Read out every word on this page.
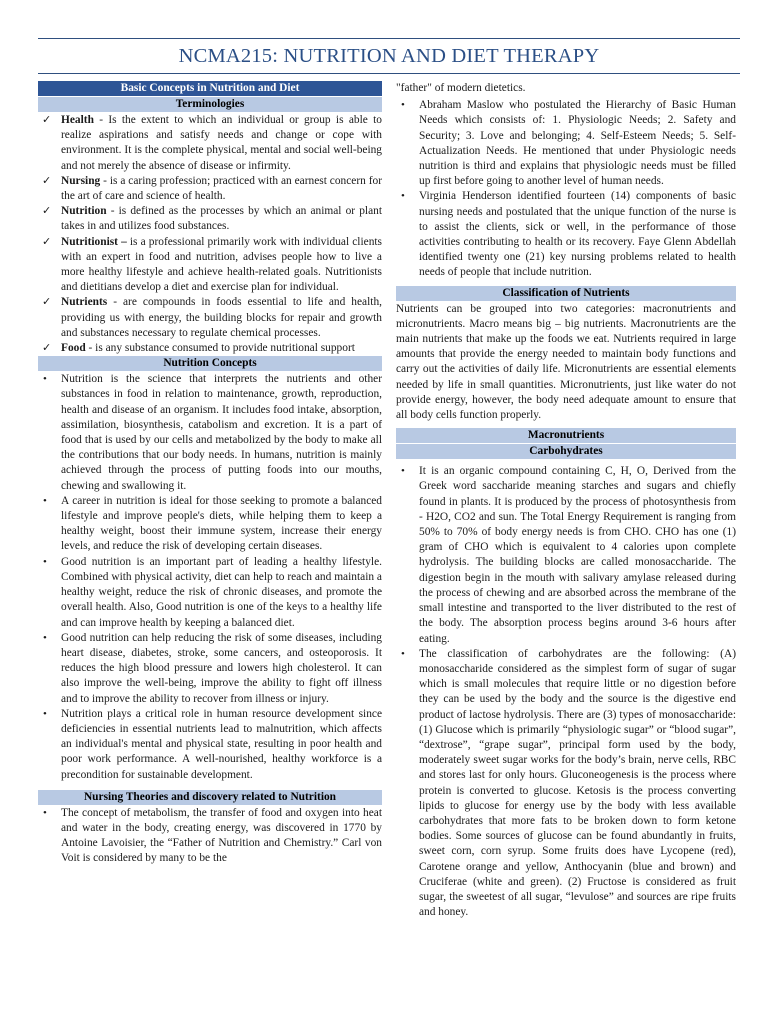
NCMA215: NUTRITION AND DIET THERAPY
Basic Concepts in Nutrition and Diet
Terminologies

✓ Health - Is the extent to which an individual or group is able to realize aspirations and satisfy needs and change or cope with environment. It is the complete physical, mental and social well-being and not merely the absence of disease or infirmity.

✓ Nursing - is a caring profession; practiced with an earnest concern for the art of care and science of health.

✓ Nutrition - is defined as the processes by which an animal or plant takes in and utilizes food substances.

✓ Nutritionist – is a professional primarily work with individual clients with an expert in food and nutrition, advises people how to live a more healthy lifestyle and achieve health-related goals. Nutritionists and dietitians develop a diet and exercise plan for individual.

✓ Nutrients - are compounds in foods essential to life and health, providing us with energy, the building blocks for repair and growth and substances necessary to regulate chemical processes.

✓ Food - is any substance consumed to provide nutritional support

Nutrition Concepts

• Nutrition is the science that interprets the nutrients and other substances in food in relation to maintenance, growth, reproduction, health and disease of an organism. It includes food intake, absorption, assimilation, biosynthesis, catabolism and excretion. It is a part of food that is used by our cells and metabolized by the body to make all the contributions that our body needs. In humans, nutrition is mainly achieved through the process of putting foods into our mouths, chewing and swallowing it.

• A career in nutrition is ideal for those seeking to promote a balanced lifestyle and improve people's diets, while helping them to keep a healthy weight, boost their immune system, increase their energy levels, and reduce the risk of developing certain diseases.

• Good nutrition is an important part of leading a healthy lifestyle. Combined with physical activity, diet can help to reach and maintain a healthy weight, reduce the risk of chronic diseases, and promote the overall health. Also, Good nutrition is one of the keys to a healthy life and can improve health by keeping a balanced diet.

• Good nutrition can help reducing the risk of some diseases, including heart disease, diabetes, stroke, some cancers, and osteoporosis. It reduces the high blood pressure and lowers high cholesterol. It can also improve the well-being, improve the ability to fight off illness and to improve the ability to recover from illness or injury.

• Nutrition plays a critical role in human resource development since deficiencies in essential nutrients lead to malnutrition, which affects an individual's mental and physical state, resulting in poor health and poor work performance. A well-nourished, healthy workforce is a precondition for sustainable development.

Nursing Theories and discovery related to Nutrition

• The concept of metabolism, the transfer of food and oxygen into heat and water in the body, creating energy, was discovered in 1770 by Antoine Lavoisier, the “Father of Nutrition and Chemistry.” Carl von Voit is considered by many to be the

"father" of modern dietetics.

• Abraham Maslow who postulated the Hierarchy of Basic Human Needs which consists of: 1. Physiologic Needs; 2. Safety and Security; 3. Love and belonging; 4. Self-Esteem Needs; 5. Self-Actualization Needs. He mentioned that under Physiologic needs nutrition is third and explains that physiologic needs must be filled up first before going to another level of human needs.

• Virginia Henderson identified fourteen (14) components of basic nursing needs and postulated that the unique function of the nurse is to assist the clients, sick or well, in the performance of those activities contributing to health or its recovery. Faye Glenn Abdellah identified twenty one (21) key nursing problems related to health needs of people that include nutrition.

Classification of Nutrients

Nutrients can be grouped into two categories: macronutrients and micronutrients. Macro means big – big nutrients. Macronutrients are the main nutrients that make up the foods we eat. Nutrients required in large amounts that provide the energy needed to maintain body functions and carry out the activities of daily life. Micronutrients are essential elements needed by life in small quantities. Micronutrients, just like water do not provide energy, however, the body need adequate amount to ensure that all body cells function properly.

Macronutrients
Carbohydrates

• It is an organic compound containing C, H, O, Derived from the Greek word saccharide meaning starches and sugars and chiefly found in plants. It is produced by the process of photosynthesis from - H2O, CO2 and sun. The Total Energy Requirement is ranging from 50% to 70% of body energy needs is from CHO. CHO has one (1) gram of CHO which is equivalent to 4 calories upon complete hydrolysis. The building blocks are called monosaccharide. The digestion begin in the mouth with salivary amylase released during the process of chewing and are absorbed across the membrane of the small intestine and transported to the liver distributed to the rest of the body. The absorption process begins around 3-6 hours after eating.

• The classification of carbohydrates are the following: (A) monosaccharide considered as the simplest form of sugar of sugar which is small molecules that require little or no digestion before they can be used by the body and the source is the digestive end product of lactose hydrolysis. There are (3) types of monosaccharide: (1) Glucose which is primarily “physiologic sugar” or “blood sugar”, “dextrose”, “grape sugar”, principal form used by the body, moderately sweet sugar works for the body’s brain, nerve cells, RBC and stores last for only hours. Gluconeogenesis is the process where protein is converted to glucose. Ketosis is the process converting lipids to glucose for energy use by the body with less available carbohydrates that more fats to be broken down to form ketone bodies. Some sources of glucose can be found abundantly in fruits, sweet corn, corn syrup. Some fruits does have Lycopene (red), Carotene orange and yellow, Anthocyanin (blue and brown) and Cruciferae (white and green). (2) Fructose is considered as fruit sugar, the sweetest of all sugar, “levulose” and sources are ripe fruits and honey.
